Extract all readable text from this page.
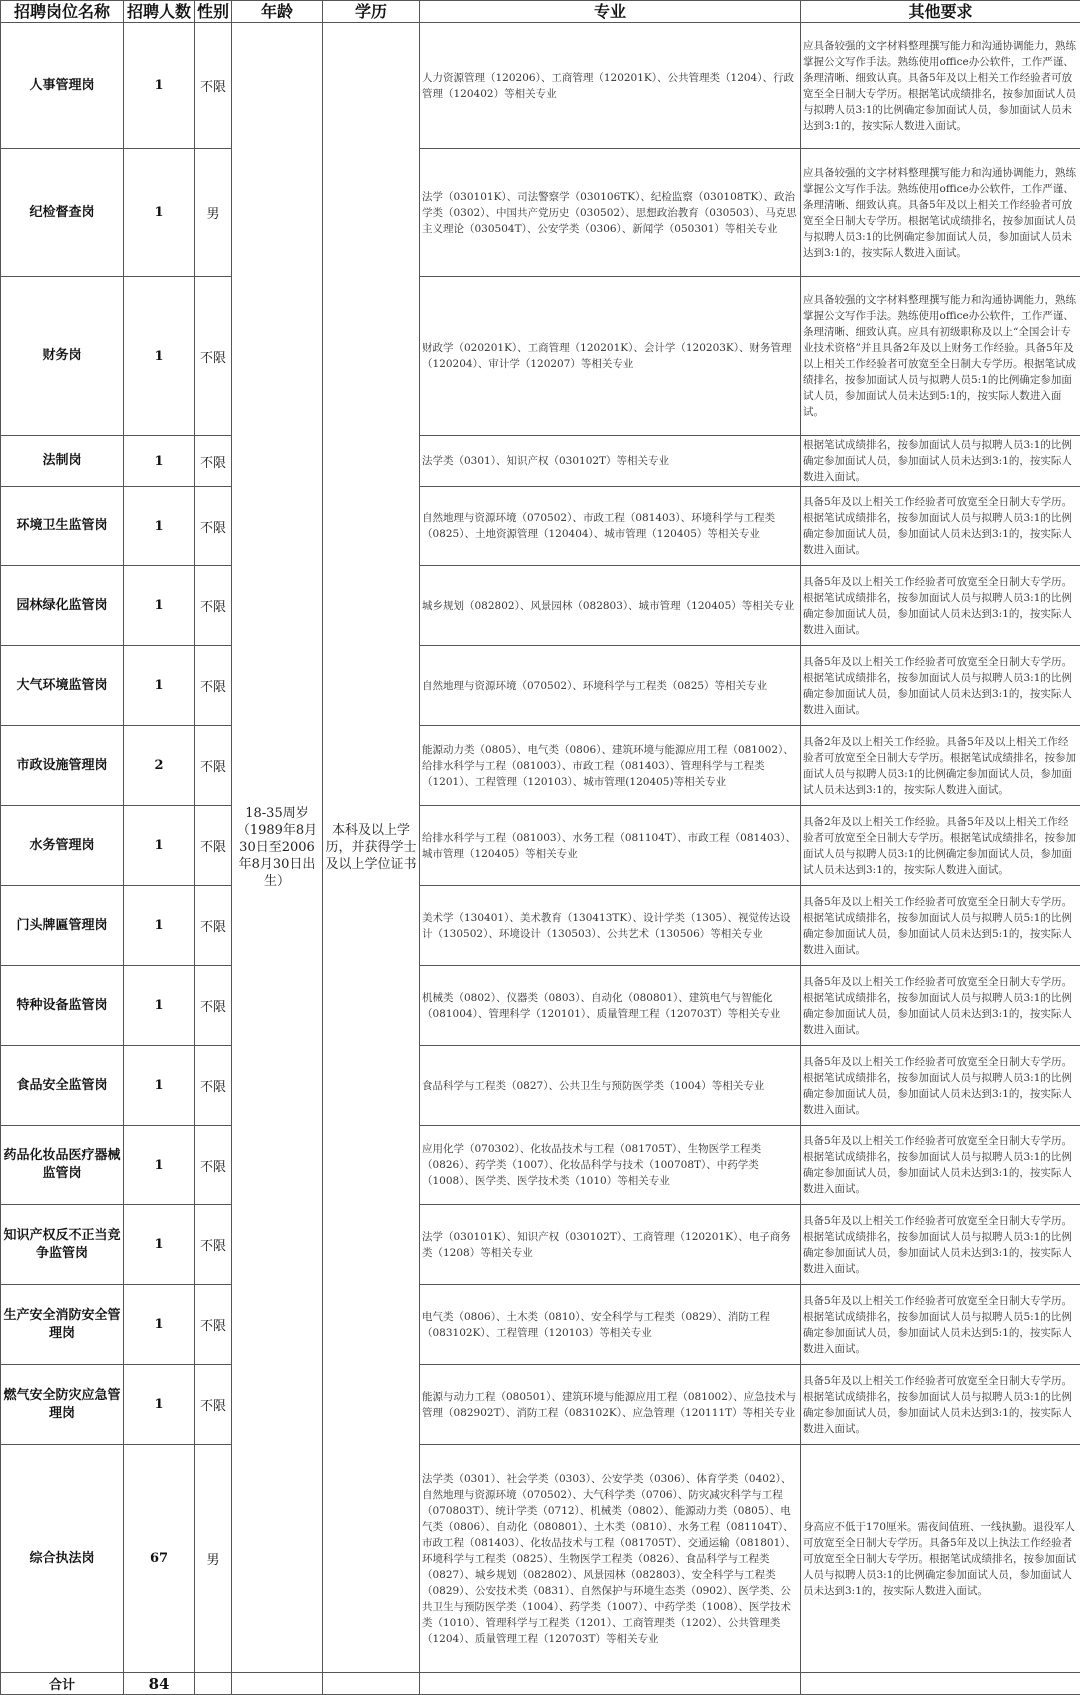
招聘岗位名称	招聘人数	性别	年龄	学历	专业	其他要求
人事管理岗	1	不限	18-35周岁（1989年8月30日至2006年8月30日出生）	本科及以上学历，并获得学士及以上学位证书	人力资源管理（120206）、工商管理（120201K）、公共管理类（1204）、行政管理（120402）等相关专业	应具备较强的文字材料整理撰写能力和沟通协调能力，熟练掌握公文写作手法。熟练使用office办公软件，工作严谨、条理清晰、细致认真。具备5年及以上相关工作经验者可放宽至全日制大专学历。根据笔试成绩排名，按参加面试人员与拟聘人员3:1的比例确定参加面试人员，参加面试人员未达到3:1的，按实际人数进入面试。
纪检督查岗	1	男			法学（030101K）、司法警察学（030106TK）、纪检监察（030108TK）、政治学类（0302）、中国共产党历史（030502）、思想政治教育（030503）、马克思主义理论（030504T）、公安学类（0306）、新闻学（050301）等相关专业	应具备较强的文字材料整理撰写能力和沟通协调能力，熟练掌握公文写作手法。熟练使用office办公软件，工作严谨、条理清晰、细致认真。具备5年及以上相关工作经验者可放宽至全日制大专学历。根据笔试成绩排名，按参加面试人员与拟聘人员3:1的比例确定参加面试人员，参加面试人员未达到3:1的，按实际人数进入面试。
财务岗	1	不限			财政学（020201K）、工商管理（120201K）、会计学（120203K）、财务管理（120204）、审计学（120207）等相关专业	应具备较强的文字材料整理撰写能力和沟通协调能力，熟练掌握公文写作手法。熟练使用office办公软件，工作严谨、条理清晰、细致认真。应具有初级职称及以上“全国会计专业技术资格”并且具备2年及以上财务工作经验。具备5年及以上相关工作经验者可放宽至全日制大专学历。根据笔试成绩排名，按参加面试人员与拟聘人员5:1的比例确定参加面试人员，参加面试人员未达到5:1的，按实际人数进入面试。
法制岗	1	不限			法学类（0301）、知识产权（030102T）等相关专业	根据笔试成绩排名，按参加面试人员与拟聘人员3:1的比例确定参加面试人员，参加面试人员未达到3:1的，按实际人数进入面试。
环境卫生监管岗	1	不限			自然地理与资源环境（070502）、市政工程（081403）、环境科学与工程类（0825）、土地资源管理（120404）、城市管理（120405）等相关专业	具备5年及以上相关工作经验者可放宽至全日制大专学历。根据笔试成绩排名，按参加面试人员与拟聘人员3:1的比例确定参加面试人员，参加面试人员未达到3:1的，按实际人数进入面试。
园林绿化监管岗	1	不限			城乡规划（082802）、风景园林（082803）、城市管理（120405）等相关专业	具备5年及以上相关工作经验者可放宽至全日制大专学历。根据笔试成绩排名，按参加面试人员与拟聘人员3:1的比例确定参加面试人员，参加面试人员未达到3:1的，按实际人数进入面试。
大气环境监管岗	1	不限			自然地理与资源环境（070502）、环境科学与工程类（0825）等相关专业	具备5年及以上相关工作经验者可放宽至全日制大专学历。根据笔试成绩排名，按参加面试人员与拟聘人员3:1的比例确定参加面试人员，参加面试人员未达到3:1的，按实际人数进入面试。
市政设施管理岗	2	不限			能源动力类（0805）、电气类（0806）、建筑环境与能源应用工程（081002）、给排水科学与工程（081003）、市政工程（081403）、管理科学与工程类（1201）、工程管理（120103）、城市管理(120405)等相关专业	具备2年及以上相关工作经验。具备5年及以上相关工作经验者可放宽至全日制大专学历。根据笔试成绩排名，按参加面试人员与拟聘人员3:1的比例确定参加面试人员，参加面试人员未达到3:1的，按实际人数进入面试。
水务管理岗	1	不限			给排水科学与工程（081003）、水务工程（081104T）、市政工程（081403）、城市管理（120405）等相关专业	具备2年及以上相关工作经验。具备5年及以上相关工作经验者可放宽至全日制大专学历。根据笔试成绩排名，按参加面试人员与拟聘人员3:1的比例确定参加面试人员，参加面试人员未达到3:1的，按实际人数进入面试。
门头牌匾管理岗	1	不限			美术学（130401）、美术教育（130413TK）、设计学类（1305）、视觉传达设计（130502）、环境设计（130503）、公共艺术（130506）等相关专业	具备5年及以上相关工作经验者可放宽至全日制大专学历。根据笔试成绩排名，按参加面试人员与拟聘人员5:1的比例确定参加面试人员，参加面试人员未达到5:1的，按实际人数进入面试。
特种设备监管岗	1	不限			机械类（0802）、仪器类（0803）、自动化（080801）、建筑电气与智能化（081004）、管理科学（120101）、质量管理工程（120703T）等相关专业	具备5年及以上相关工作经验者可放宽至全日制大专学历。根据笔试成绩排名，按参加面试人员与拟聘人员3:1的比例确定参加面试人员，参加面试人员未达到3:1的，按实际人数进入面试。
食品安全监管岗	1	不限			食品科学与工程类（0827）、公共卫生与预防医学类（1004）等相关专业	具备5年及以上相关工作经验者可放宽至全日制大专学历。根据笔试成绩排名，按参加面试人员与拟聘人员3:1的比例确定参加面试人员，参加面试人员未达到3:1的，按实际人数进入面试。
药品化妆品医疗器械监管岗	1	不限			应用化学（070302）、化妆品技术与工程（081705T）、生物医学工程类（0826）、药学类（1007）、化妆品科学与技术（100708T）、中药学类（1008）、医学类、医学技术类（1010）等相关专业	具备5年及以上相关工作经验者可放宽至全日制大专学历。根据笔试成绩排名，按参加面试人员与拟聘人员3:1的比例确定参加面试人员，参加面试人员未达到3:1的，按实际人数进入面试。
知识产权反不正当竞争监管岗	1	不限			法学（030101K）、知识产权（030102T）、工商管理（120201K）、电子商务类（1208）等相关专业	具备5年及以上相关工作经验者可放宽至全日制大专学历。根据笔试成绩排名，按参加面试人员与拟聘人员3:1的比例确定参加面试人员，参加面试人员未达到3:1的，按实际人数进入面试。
生产安全消防安全管理岗	1	不限			电气类（0806）、土木类（0810）、安全科学与工程类（0829）、消防工程（083102K）、工程管理（120103）等相关专业	具备5年及以上相关工作经验者可放宽至全日制大专学历。根据笔试成绩排名，按参加面试人员与拟聘人员5:1的比例确定参加面试人员，参加面试人员未达到5:1的，按实际人数进入面试。
燃气安全防灾应急管理岗	1	不限			能源与动力工程（080501）、建筑环境与能源应用工程（081002）、应急技术与管理（082902T）、消防工程（083102K）、应急管理（120111T）等相关专业	具备5年及以上相关工作经验者可放宽至全日制大专学历。根据笔试成绩排名，按参加面试人员与拟聘人员3:1的比例确定参加面试人员，参加面试人员未达到3:1的，按实际人数进入面试。
综合执法岗	67	男			法学类（0301）、社会学类（0303）、公安学类（0306）、体育学类（0402）、自然地理与资源环境（070502）、大气科学类（0706）、防灾减灾科学与工程（070803T）、统计学类（0712）、机械类（0802）、能源动力类（0805）、电气类（0806）、自动化（080801）、土木类（0810）、水务工程（081104T）、市政工程（081403）、化妆品技术与工程（081705T）、交通运输（081801）、环境科学与工程类（0825）、生物医学工程类（0826）、食品科学与工程类（0827）、城乡规划（082802）、风景园林（082803）、安全科学与工程类（0829）、公安技术类（0831）、自然保护与环境生态类（0902）、医学类、公共卫生与预防医学类（1004）、药学类（1007）、中药学类（1008）、医学技术类（1010）、管理科学与工程类（1201）、工商管理类（1202）、公共管理类（1204）、质量管理工程（120703T）等相关专业	身高应不低于170厘米。需夜间值班、一线执勤。退役军人可放宽至全日制大专学历。具备5年及以上执法工作经验者可放宽至全日制大专学历。根据笔试成绩排名，按参加面试人员与拟聘人员3:1的比例确定参加面试人员，参加面试人员未达到3:1的，按实际人数进入面试。
合计	84					
